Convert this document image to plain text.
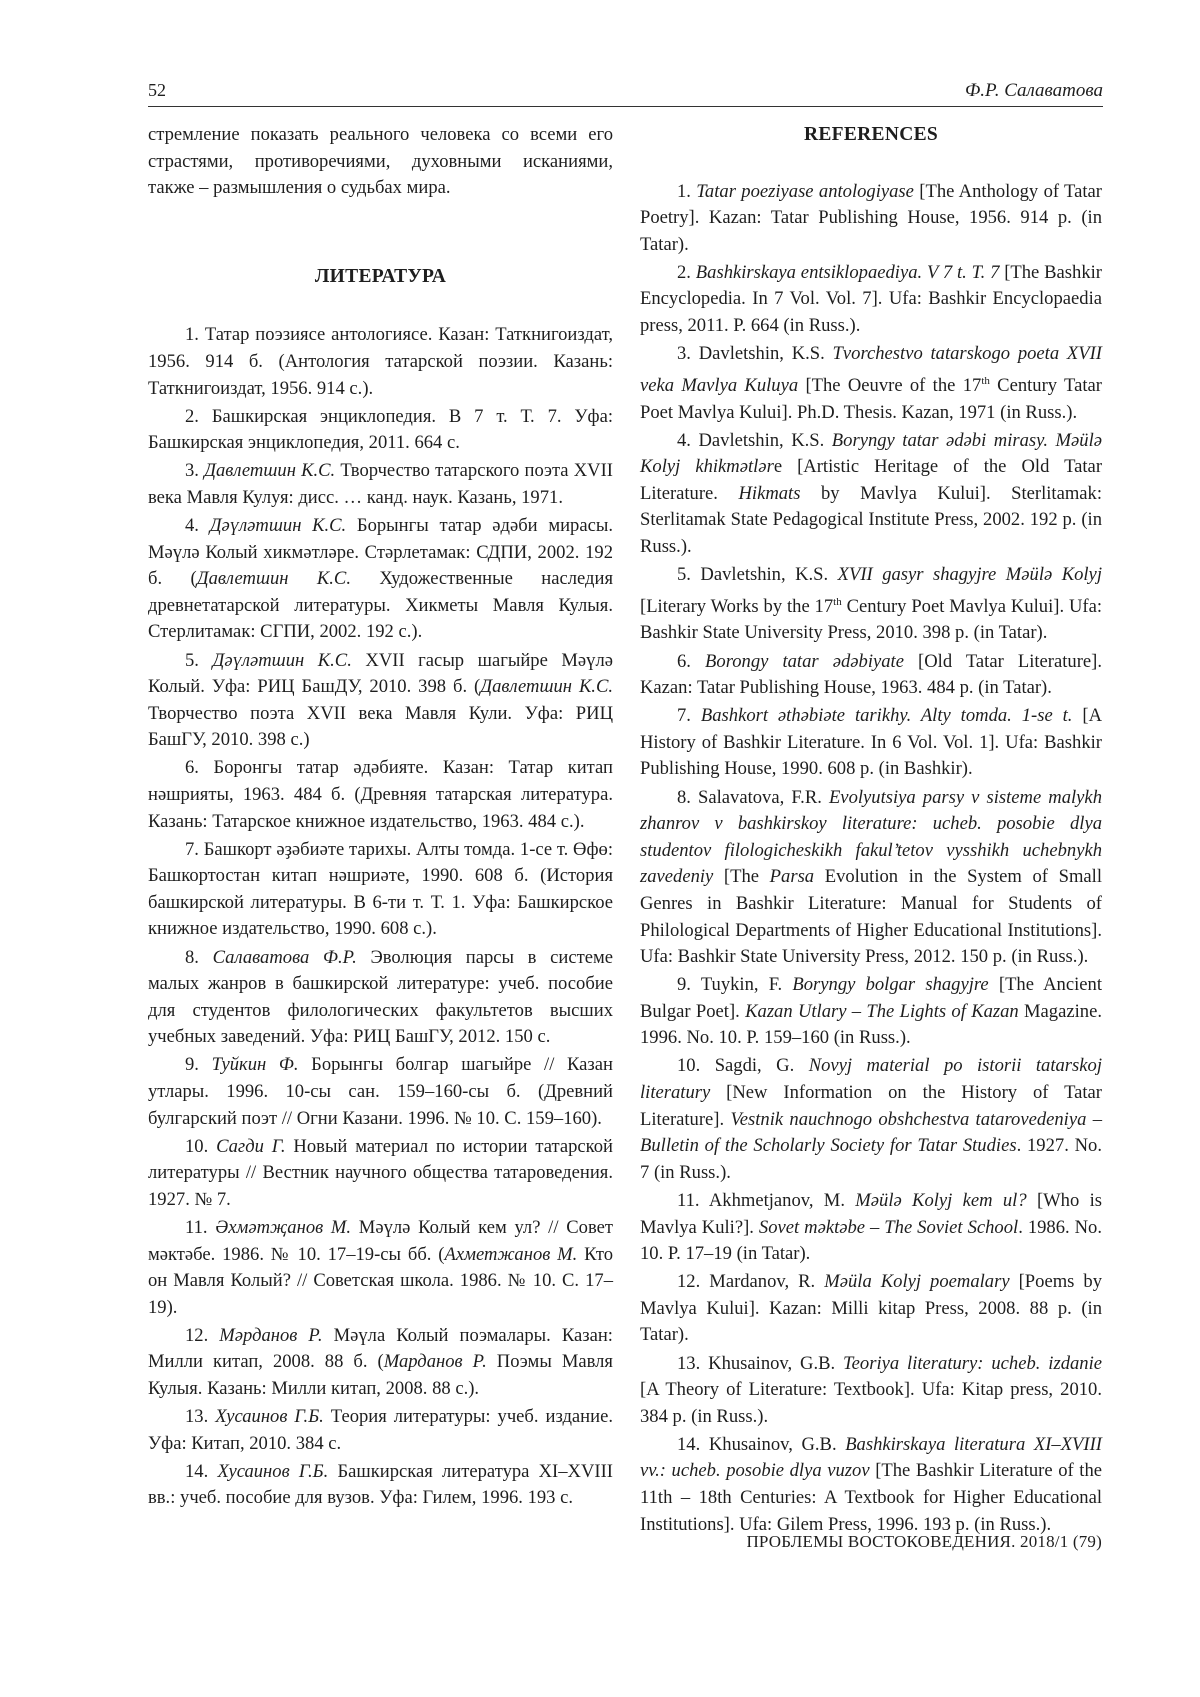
52	Ф.Р. Салаватова

стремление показать реального человека со всеми его страстями, противоречиями, духовными исканиями, также – размышления о судьбах мира.

ЛИТЕРАТУРА

1. Татар поэзиясе антологиясе. Казан: Таткнигоиздат, 1956. 914 б. (Антология татарской поэзии. Казань: Таткнигоиздат, 1956. 914 с.).

2. Башкирская энциклопедия. В 7 т. Т. 7. Уфа: Башкирская энциклопедия, 2011. 664 с.

3. Давлетшин К.С. Творчество татарского поэта XVII века Мавля Кулуя: дисс. … канд. наук. Казань, 1971.

4. Дәүләтшин К.С. Борынгы татар әдәби мирасы. Мәүлә Колый хикмәтләре. Стәрлетамак: СДПИ, 2002. 192 б. (Давлетшин К.С. Художественные наследия древнетатарской литературы. Хикметы Мавля Кулыя. Стерлитамак: СГПИ, 2002. 192 с.).

5. Дәүләтшин К.С. XVII гасыр шагыйре Мәүлә Колый. Уфа: РИЦ БашДУ, 2010. 398 б. (Давлетшин К.С. Творчество поэта XVII века Мавля Кули. Уфа: РИЦ БашГУ, 2010. 398 с.)

6. Боронгы татар әдәбияте. Казан: Татар китап нәшрияты, 1963. 484 б. (Древняя татарская литература. Казань: Татарское книжное издательство, 1963. 484 с.).

7. Башкорт әҙәбиәте тарихы. Алты томда. 1-се т. Өфө: Башкортостан китап нәшриәте, 1990. 608 б. (История башкирской литературы. В 6-ти т. Т. 1. Уфа: Башкирское книжное издательство, 1990. 608 с.).

8. Салаватова Ф.Р. Эволюция парсы в системе малых жанров в башкирской литературе: учеб. пособие для студентов филологических факультетов высших учебных заведений. Уфа: РИЦ БашГУ, 2012. 150 с.

9. Туйкин Ф. Борынгы болгар шагыйре // Казан утлары. 1996. 10-сы сан. 159–160-сы б. (Древний булгарский поэт // Огни Казани. 1996. № 10. С. 159–160).

10. Сагди Г. Новый материал по истории татарской литературы // Вестник научного общества татароведения. 1927. № 7.

11. Әхмәтҗанов М. Мәүлә Колый кем ул? // Совет мәктәбе. 1986. № 10. 17–19-сы бб. (Ахметжанов М. Кто он Мавля Колый? // Советская школа. 1986. № 10. С. 17–19).

12. Мәрданов Р. Мәүла Колый поэмалары. Казан: Милли китап, 2008. 88 б. (Марданов Р. Поэмы Мавля Кулыя. Казань: Милли китап, 2008. 88 с.).

13. Хусаинов Г.Б. Теория литературы: учеб. издание. Уфа: Китап, 2010. 384 с.

14. Хусаинов Г.Б. Башкирская литература XI–XVIII вв.: учеб. пособие для вузов. Уфа: Гилем, 1996. 193 с.

REFERENCES

1. Tatar poeziyase antologiyase [The Anthology of Tatar Poetry]. Kazan: Tatar Publishing House, 1956. 914 p. (in Tatar).

2. Bashkirskaya entsiklopaediya. V 7 t. T. 7 [The Bashkir Encyclopedia. In 7 Vol. Vol. 7]. Ufa: Bashkir Encyclopaedia press, 2011. P. 664 (in Russ.).

3. Davletshin, K.S. Tvorchestvo tatarskogo poeta XVII veka Mavlya Kuluya [The Oeuvre of the 17th Century Tatar Poet Mavlya Kului]. Ph.D. Thesis. Kazan, 1971 (in Russ.).

4. Davletshin, K.S. Boryngy tatar ədəbi mirasy. Məülə Kolyj khikmətləre [Artistic Heritage of the Old Tatar Literature. Hikmats by Mavlya Kului]. Sterlitamak: Sterlitamak State Pedagogical Institute Press, 2002. 192 p. (in Russ.).

5. Davletshin, K.S. XVII gasyr shagyjre Məülə Kolyj [Literary Works by the 17th Century Poet Mavlya Kului]. Ufa: Bashkir State University Press, 2010. 398 p. (in Tatar).

6. Borongy tatar ədəbiyate [Old Tatar Literature]. Kazan: Tatar Publishing House, 1963. 484 p. (in Tatar).

7. Bashkort əthəbiəte tarikhy. Alty tomda. 1-se t. [A History of Bashkir Literature. In 6 Vol. Vol. 1]. Ufa: Bashkir Publishing House, 1990. 608 p. (in Bashkir).

8. Salavatova, F.R. Evolyutsiya parsy v sisteme malykh zhanrov v bashkirskoy literature: ucheb. posobie dlya studentov filologicheskikh fakul’tetov vysshikh uchebnykh zavedeniy [The Parsa Evolution in the System of Small Genres in Bashkir Literature: Manual for Students of Philological Departments of Higher Educational Institutions]. Ufa: Bashkir State University Press, 2012. 150 p. (in Russ.).

9. Tuykin, F. Boryngy bolgar shagyjre [The Ancient Bulgar Poet]. Kazan Utlary – The Lights of Kazan Magazine. 1996. No. 10. P. 159–160 (in Russ.).

10. Sagdi, G. Novyj material po istorii tatarskoj literatury [New Information on the History of Tatar Literature]. Vestnik nauchnogo obshchestva tatarovedeniya – Bulletin of the Scholarly Society for Tatar Studies. 1927. No. 7 (in Russ.).

11. Akhmetjanov, M. Məülə Kolyj kem ul? [Who is Mavlya Kuli?]. Sovet məktəbe – The Soviet School. 1986. No. 10. P. 17–19 (in Tatar).

12. Mardanov, R. Məüla Kolyj poemalary [Poems by Mavlya Kului]. Kazan: Milli kitap Press, 2008. 88 p. (in Tatar).

13. Khusainov, G.B. Teoriya literatury: ucheb. izdanie [A Theory of Literature: Textbook]. Ufa: Kitap press, 2010. 384 p. (in Russ.).

14. Khusainov, G.B. Bashkirskaya literatura XI–XVIII vv.: ucheb. posobie dlya vuzov [The Bashkir Literature of the 11th – 18th Centuries: A Textbook for Higher Educational Institutions]. Ufa: Gilem Press, 1996. 193 p. (in Russ.).

ПРОБЛЕМЫ ВОСТОКОВЕДЕНИЯ. 2018/1 (79)
